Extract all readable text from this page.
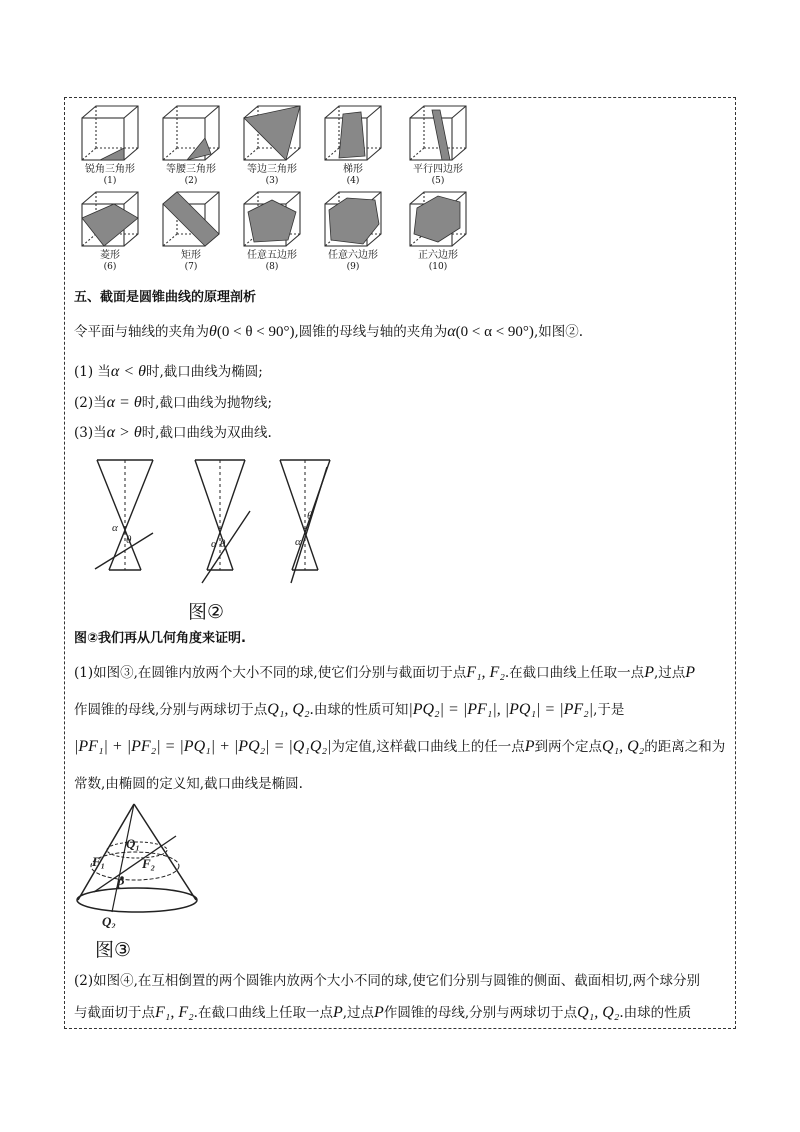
锐角三角形
(1)
等腰三角形
(2)
等边三角形
(3)
梯形
(4)
平行四边形
(5)
菱形
(6)
矩形
(7)
任意五边形
(8)
任意六边形
(9)
正六边形
(10)
五、截面是圆锥曲线的原理剖析
令平面与轴线的夹角为θ(0 < θ < 90°),圆锥的母线与轴的夹角为α(0 < α < 90°),如图②.
(1) 当α < θ时,截口曲线为椭圆;
(2)当α = θ时,截口曲线为抛物线;
(3)当α > θ时,截口曲线为双曲线.
α
θ	α θ	α
θ
图②
图②我们再从几何角度来证明.
(1)如图③,在圆锥内放两个大小不同的球,使它们分别与截面切于点F₁, F₂.在截口曲线上任取一点P,过点P
作圆锥的母线,分别与两球切于点Q₁, Q₂.由球的性质可知|PQ₂| = |PF₁|, |PQ₁| = |PF₂|,于是
|PF₁| + |PF₂| = |PQ₁| + |PQ₂| = |Q₁Q₂|为定值,这样截口曲线上的任一点P到两个定点Q₁, Q₂的距离之和为
常数,由椭圆的定义知,截口曲线是椭圆.
Q₁
F₁	F₂
P
Q₂
图③
(2)如图④,在互相倒置的两个圆锥内放两个大小不同的球,使它们分别与圆锥的侧面、截面相切,两个球分别
与截面切于点F₁, F₂.在截口曲线上任取一点P,过点P作圆锥的母线,分别与两球切于点Q₁, Q₂.由球的性质
